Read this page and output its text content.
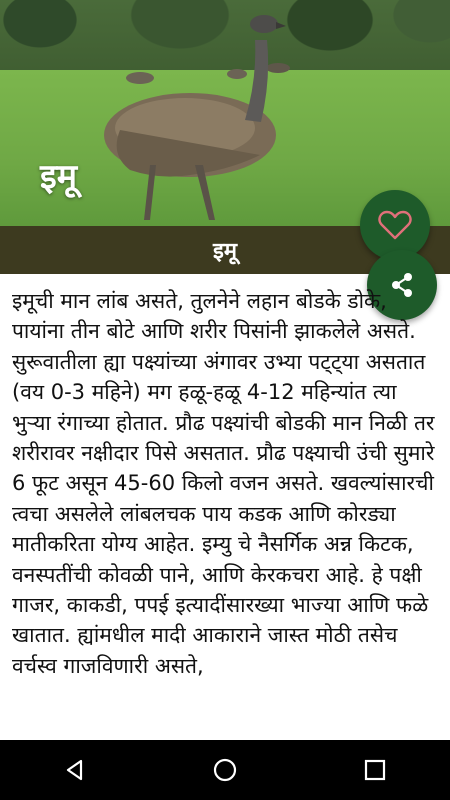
इमू
इमू
इमूची मान लांब असते, तुलनेने लहान बोडके डोके, पायांना तीन बोटे आणि शरीर पिसांनी झाकलेले असते. सुरूवातीला ह्या पक्ष्यांच्या अंगावर उभ्या पट्ट्या असतात (वय 0-3 महिने) मग हळू-हळू 4-12 महिन्यांत त्या भुऱ्या रंगाच्या होतात. प्रौढ पक्ष्यांची बोडकी मान निळी तर शरीरावर नक्षीदार पिसे असतात. प्रौढ पक्ष्याची उंची सुमारे 6 फूट असून 45-60 किलो वजन असते. खवल्यांसारची त्वचा असलेले लांबलचक पाय कडक आणि कोरड्या मातीकरिता योग्य आहेत. इम्यु चे नैसर्गिक अन्न किटक, वनस्पतींची कोवळी पाने, आणि केरकचरा आहे. हे पक्षी गाजर, काकडी, पपई इत्यादींसारख्या भाज्या आणि फळे खातात. ह्यांमधील मादी आकाराने जास्त मोठी तसेच वर्चस्व गाजविणारी असते,
